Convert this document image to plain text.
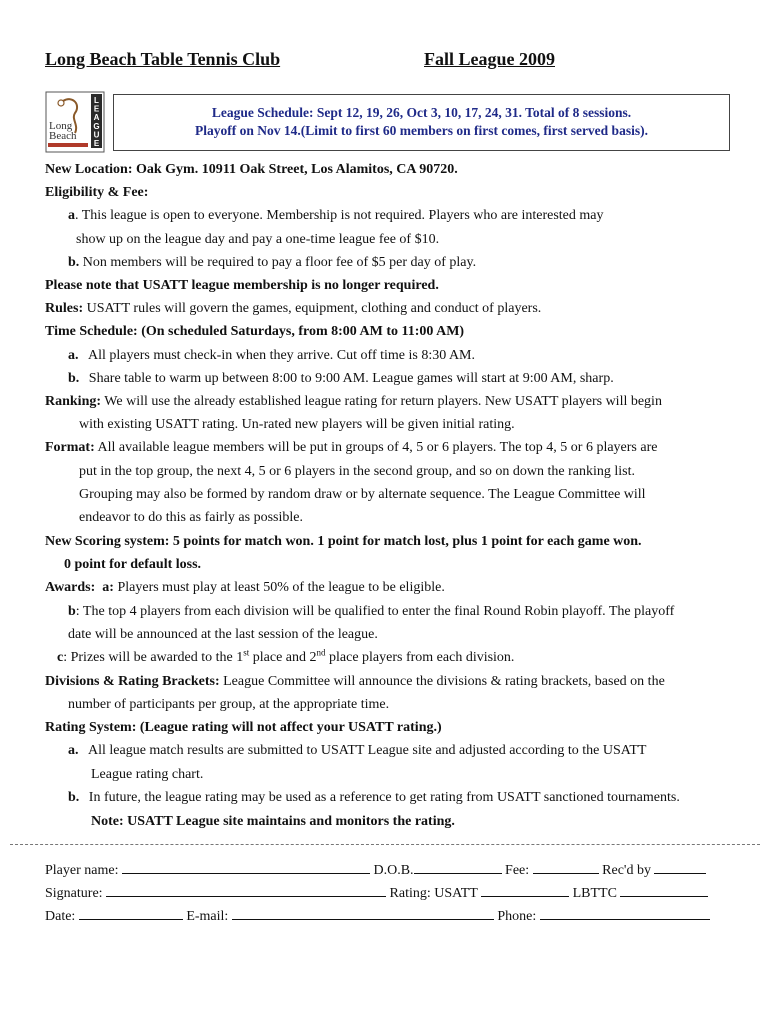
Long Beach Table Tennis Club	Fall League 2009
Long
Beach
L
E
A
G
U
E
League Schedule: Sept 12, 19, 26, Oct 3, 10, 17, 24, 31. Total of 8 sessions.
Playoff on Nov 14.(Limit to first 60 members on first comes, first served basis).
New Location: Oak Gym. 10911 Oak Street, Los Alamitos, CA 90720.
Eligibility & Fee:
a. This league is open to everyone. Membership is not required. Players who are interested may
show up on the league day and pay a one-time league fee of $10.
b. Non members will be required to pay a floor fee of $5 per day of play.
Please note that USATT league membership is no longer required.
Rules: USATT rules will govern the games, equipment, clothing and conduct of players.
Time Schedule: (On scheduled Saturdays, from 8:00 AM to 11:00 AM)
a. All players must check-in when they arrive. Cut off time is 8:30 AM.
b. Share table to warm up between 8:00 to 9:00 AM. League games will start at 9:00 AM, sharp.
Ranking: We will use the already established league rating for return players. New USATT players will begin
with existing USATT rating. Un-rated new players will be given initial rating.
Format: All available league members will be put in groups of 4, 5 or 6 players. The top 4, 5 or 6 players are
put in the top group, the next 4, 5 or 6 players in the second group, and so on down the ranking list.
Grouping may also be formed by random draw or by alternate sequence. The League Committee will
endeavor to do this as fairly as possible.
New Scoring system: 5 points for match won. 1 point for match lost, plus 1 point for each game won.
0 point for default loss.
Awards: a: Players must play at least 50% of the league to be eligible.
b: The top 4 players from each division will be qualified to enter the final Round Robin playoff. The playoff
date will be announced at the last session of the league.
c: Prizes will be awarded to the 1st place and 2nd place players from each division.
Divisions & Rating Brackets: League Committee will announce the divisions & rating brackets, based on the
number of participants per group, at the appropriate time.
Rating System: (League rating will not affect your USATT rating.)
a. All league match results are submitted to USATT League site and adjusted according to the USATT
League rating chart.
b. In future, the league rating may be used as a reference to get rating from USATT sanctioned tournaments.
Note: USATT League site maintains and monitors the rating.
Player name:	D.O.B.	Fee:	Rec'd by
Signature:	Rating: USATT	LBTTC
Date:	E-mail:	Phone:
